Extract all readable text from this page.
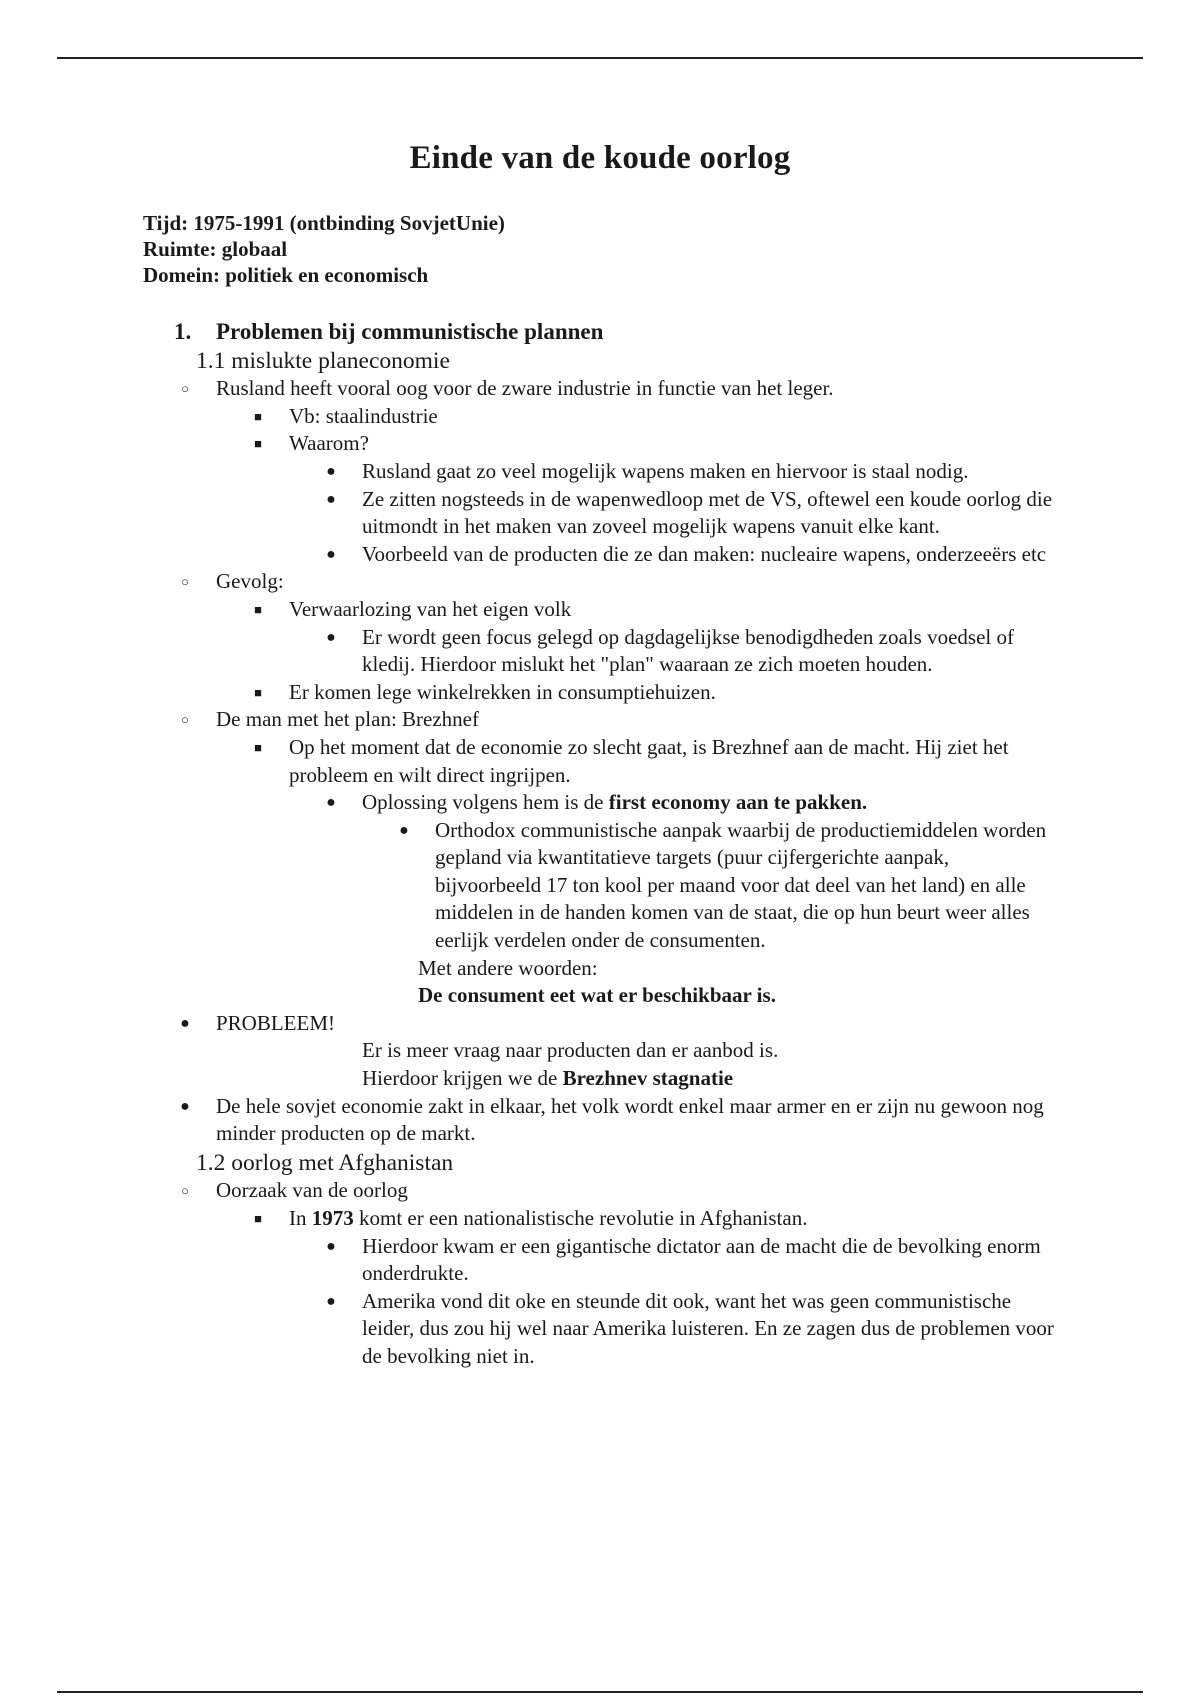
Einde van de koude oorlog
Tijd: 1975-1991 (ontbinding SovjetUnie)
Ruimte: globaal
Domein: politiek en economisch
1.	Problemen bij communistische plannen
1.1 mislukte planeconomie
○	Rusland heeft vooral oog voor de zware industrie in functie van het leger.
■	Vb: staalindustrie
■	Waarom?
●	Rusland gaat zo veel mogelijk wapens maken en hiervoor is staal nodig.
●	Ze zitten nogsteeds in de wapenwedloop met de VS, oftewel een koude oorlog die uitmondt in het maken van zoveel mogelijk wapens vanuit elke kant.
●	Voorbeeld van de producten die ze dan maken: nucleaire wapens, onderzeeërs etc
○	Gevolg:
■	Verwaarlozing van het eigen volk
●	Er wordt geen focus gelegd op dagdagelijkse benodigdheden zoals voedsel of kledij. Hierdoor mislukt het "plan" waaraan ze zich moeten houden.
■	Er komen lege winkelrekken in consumptiehuizen.
○	De man met het plan: Brezhnef
■	Op het moment dat de economie zo slecht gaat, is Brezhnef aan de macht. Hij ziet het probleem en wilt direct ingrijpen.
●	Oplossing volgens hem is de first economy aan te pakken.
●	Orthodox communistische aanpak waarbij de productiemiddelen worden gepland via kwantitatieve targets (puur cijfergerichte aanpak, bijvoorbeeld 17 ton kool per maand voor dat deel van het land) en alle middelen in de handen komen van de staat, die op hun beurt weer alles eerlijk verdelen onder de consumenten.
Met andere woorden:
De consument eet wat er beschikbaar is.
●	PROBLEEM!
Er is meer vraag naar producten dan er aanbod is.
Hierdoor krijgen we de Brezhnev stagnatie
●	De hele sovjet economie zakt in elkaar, het volk wordt enkel maar armer en er zijn nu gewoon nog minder producten op de markt.
1.2 oorlog met Afghanistan
○	Oorzaak van de oorlog
■	In 1973 komt er een nationalistische revolutie in Afghanistan.
●	Hierdoor kwam er een gigantische dictator aan de macht die de bevolking enorm onderdrukte.
●	Amerika vond dit oke en steunde dit ook, want het was geen communistische leider, dus zou hij wel naar Amerika luisteren. En ze zagen dus de problemen voor de bevolking niet in.
